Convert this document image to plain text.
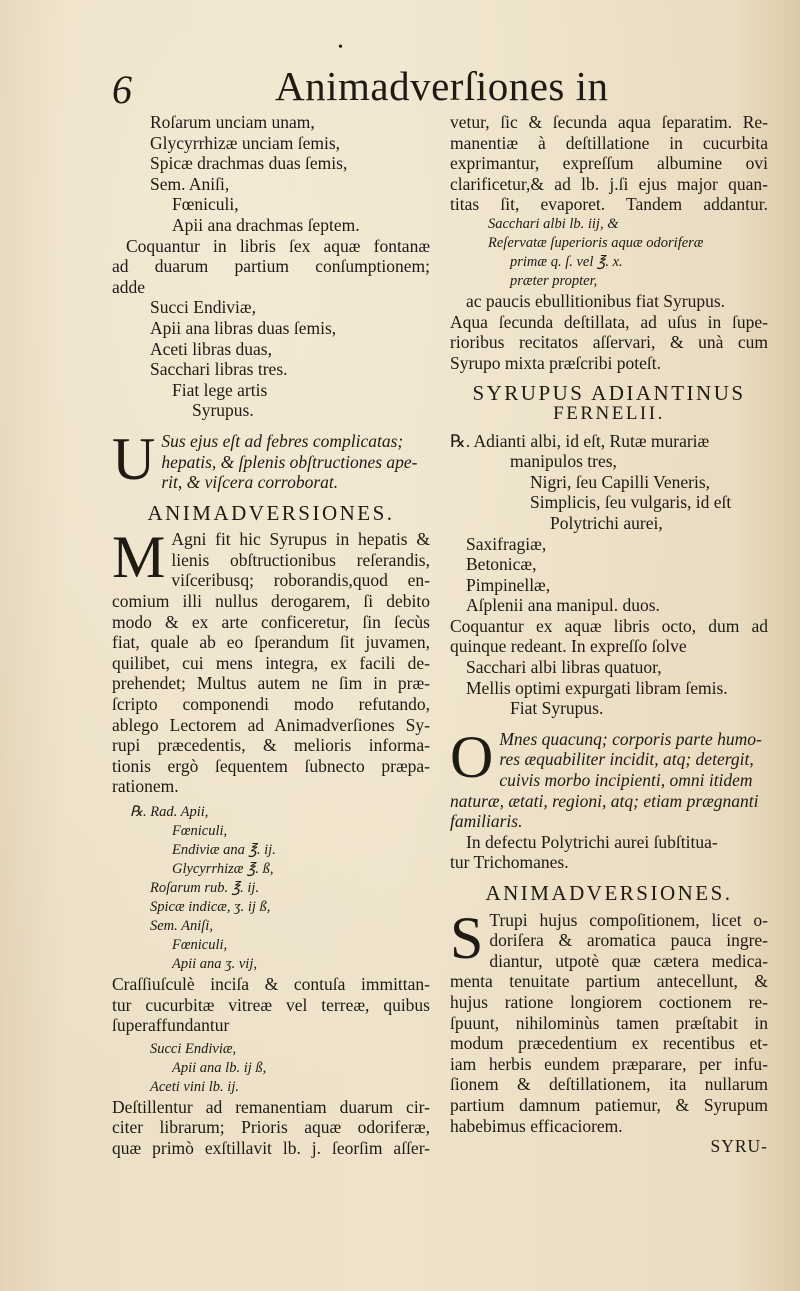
•
6	Animadverſiones in
Roſarum unciam unam,
Glycyrrhizæ unciam ſemis,
Spicæ drachmas duas ſemis,
Sem. Aniſi,
Fœniculi,
Apii ana drachmas ſeptem.
Coquantur in libris ſex aquæ fontanæ
ad duarum partium conſumptionem;
adde
Succi Endiviæ,
Apii ana libras duas ſemis,
Aceti libras duas,
Sacchari libras tres.
Fiat lege artis
Syrupus.
U Sus ejus eſt ad febres complicatas;
hepatis, & ſplenis obſtructiones ape-
rit, & viſcera corroborat.
ANIMADVERSIONES.
M Agni fit hic Syrupus in hepatis &
lienis obſtructionibus reſerandis,
viſceribusq; roborandis,quod en-
comium illi nullus derogarem, ſi debito
modo & ex arte conficeretur, ſin ſecùs
fiat, quale ab eo ſperandum ſit juvamen,
quilibet, cui mens integra, ex facili de-
prehendet; Multus autem ne ſim in præ-
ſcripto componendi modo refutando,
ablego Lectorem ad Animadverſiones Sy-
rupi præcedentis, & melioris informa-
tionis ergò ſequentem ſubnecto præpa-
rationem.
℞. Rad. Apii,
Fœniculi,
Endiviæ ana ℥. ij.
Glycyrrhizæ ℥. ß,
Roſarum rub. ℥. ij.
Spicæ indicæ, ʒ. ij ß,
Sem. Aniſi,
Fœniculi,
Apii ana ʒ. vij,
Craſſiuſculè inciſa & contuſa immittan-
tur cucurbitæ vitreæ vel terreæ, quibus
ſuperaffundantur
Succi Endiviæ,
Apii ana lb. ij ß,
Aceti vini lb. ij.
Deſtillentur ad remanentiam duarum cir-
citer librarum; Prioris aquæ odoriferæ,
quæ primò exſtillavit lb. j. ſeorſim aſſer-
vetur, ſic & ſecunda aqua ſeparatim. Re-
manentiæ à deſtillatione in cucurbita
exprimantur, expreſſum albumine ovi
clarificetur,& ad lb. j.ſi ejus major quan-
titas ſit, evaporet. Tandem addantur.
Sacchari albi lb. iij, &
Reſervatæ ſuperioris aquæ odoriferæ
primæ q. ſ. vel ℥. x.
præter propter,
ac paucis ebullitionibus fiat Syrupus.
Aqua ſecunda deſtillata, ad uſus in ſupe-
rioribus recitatos aſſervari, & unà cum
Syrupo mixta præſcribi poteſt.
SYRUPUS ADIANTINUS
FERNELII.
℞. Adianti albi, id eſt, Rutæ murariæ
manipulos tres,
Nigri, ſeu Capilli Veneris,
Simplicis, ſeu vulgaris, id eſt
Polytrichi aurei,
Saxifragiæ,
Betonicæ,
Pimpinellæ,
Aſplenii ana manipul. duos.
Coquantur ex aquæ libris octo, dum ad
quinque redeant. In expreſſo ſolve
Sacchari albi libras quatuor,
Mellis optimi expurgati libram ſemis.
Fiat Syrupus.
O Mnes quacunq; corporis parte humo-
res æquabiliter incidit, atq; detergit,
cuivis morbo incipienti, omni itidem
naturæ, ætati, regioni, atq; etiam prægnanti
familiaris.
In defectu Polytrichi aurei ſubſtitua-
tur Trichomanes.
ANIMADVERSIONES.
S Trupi hujus compoſitionem, licet o-
doriſera & aromatica pauca ingre-
diantur, utpotè quæ cætera medica-
menta tenuitate partium antecellunt, &
hujus ratione longiorem coctionem re-
ſpuunt, nihilominùs tamen præſtabit in
modum præcedentium ex recentibus et-
iam herbis eundem præparare, per infu-
ſionem & deſtillationem, ita nullarum
partium damnum patiemur, & Syrupum
habebimus efficaciorem.
SYRU-
